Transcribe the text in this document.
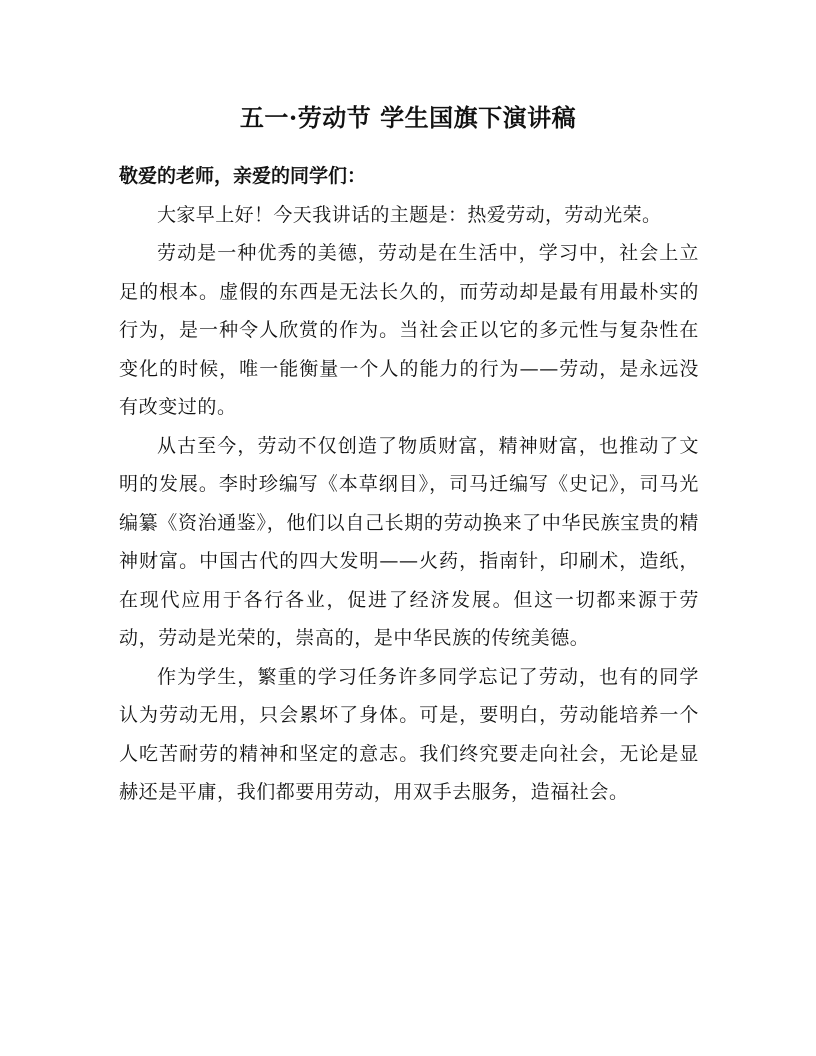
五一·劳动节 学生国旗下演讲稿

敬爱的老师，亲爱的同学们：

大家早上好！今天我讲话的主题是：热爱劳动，劳动光荣。

劳动是一种优秀的美德，劳动是在生活中，学习中，社会上立足的根本。虚假的东西是无法长久的，而劳动却是最有用最朴实的行为，是一种令人欣赏的作为。当社会正以它的多元性与复杂性在变化的时候，唯一能衡量一个人的能力的行为——劳动，是永远没有改变过的。

从古至今，劳动不仅创造了物质财富，精神财富，也推动了文明的发展。李时珍编写《本草纲目》，司马迁编写《史记》，司马光编纂《资治通鉴》，他们以自己长期的劳动换来了中华民族宝贵的精神财富。中国古代的四大发明——火药，指南针，印刷术，造纸，在现代应用于各行各业，促进了经济发展。但这一切都来源于劳动，劳动是光荣的，崇高的，是中华民族的传统美德。

作为学生，繁重的学习任务许多同学忘记了劳动，也有的同学认为劳动无用，只会累坏了身体。可是，要明白，劳动能培养一个人吃苦耐劳的精神和坚定的意志。我们终究要走向社会，无论是显赫还是平庸，我们都要用劳动，用双手去服务，造福社会。
